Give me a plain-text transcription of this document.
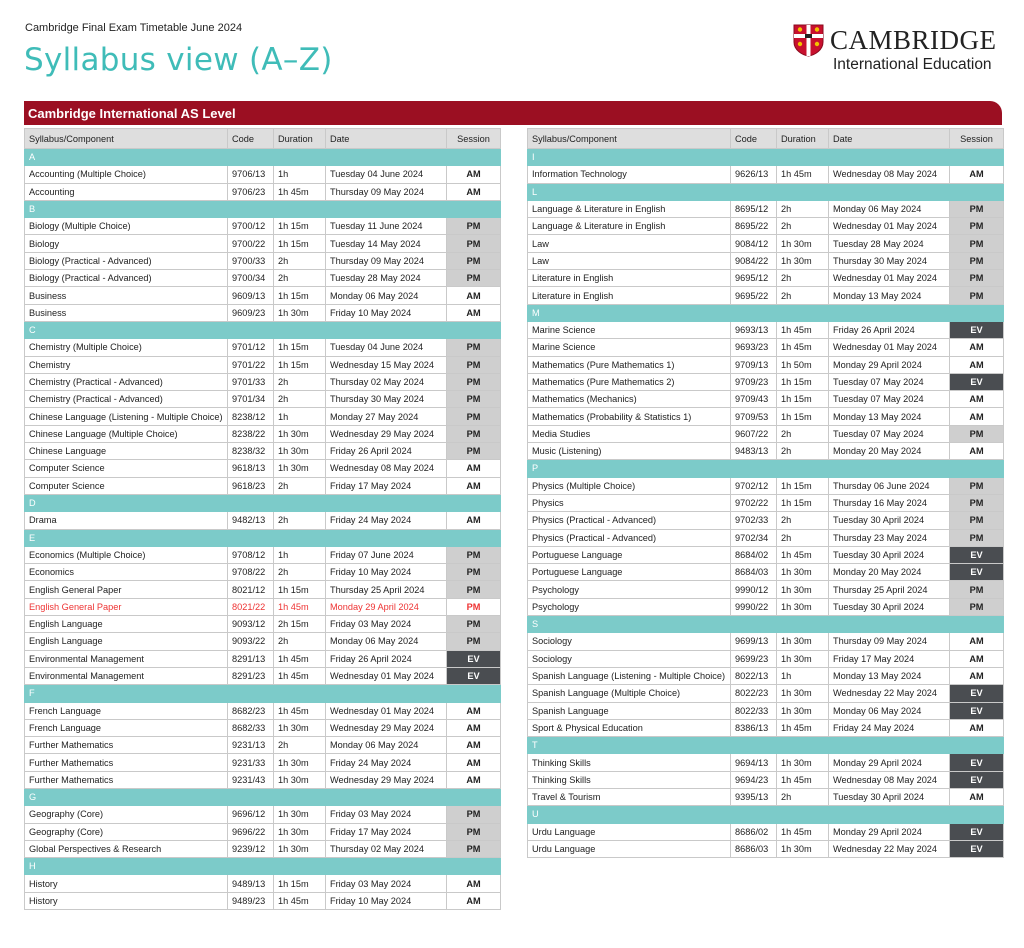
Cambridge Final Exam Timetable June 2024
Syllabus view (A–Z)
CAMBRIDGE
International Education
Cambridge International AS Level
Syllabus/Component	Code	Duration	Date	Session
A				
Accounting (Multiple Choice)	9706/13	1h	Tuesday 04 June 2024	AM
Accounting	9706/23	1h 45m	Thursday 09 May 2024	AM
B				
Biology (Multiple Choice)	9700/12	1h 15m	Tuesday 11 June 2024	PM
Biology	9700/22	1h 15m	Tuesday 14 May 2024	PM
Biology (Practical - Advanced)	9700/33	2h	Thursday 09 May 2024	PM
Biology (Practical - Advanced)	9700/34	2h	Tuesday 28 May 2024	PM
Business	9609/13	1h 15m	Monday 06 May 2024	AM
Business	9609/23	1h 30m	Friday 10 May 2024	AM
C				
Chemistry (Multiple Choice)	9701/12	1h 15m	Tuesday 04 June 2024	PM
Chemistry	9701/22	1h 15m	Wednesday 15 May 2024	PM
Chemistry (Practical - Advanced)	9701/33	2h	Thursday 02 May 2024	PM
Chemistry (Practical - Advanced)	9701/34	2h	Thursday 30 May 2024	PM
Chinese Language (Listening - Multiple Choice)	8238/12	1h	Monday 27 May 2024	PM
Chinese Language (Multiple Choice)	8238/22	1h 30m	Wednesday 29 May 2024	PM
Chinese Language	8238/32	1h 30m	Friday 26 April 2024	PM
Computer Science	9618/13	1h 30m	Wednesday 08 May 2024	AM
Computer Science	9618/23	2h	Friday 17 May 2024	AM
D				
Drama	9482/13	2h	Friday 24 May 2024	AM
E				
Economics (Multiple Choice)	9708/12	1h	Friday 07 June 2024	PM
Economics	9708/22	2h	Friday 10 May 2024	PM
English General Paper	8021/12	1h 15m	Thursday 25 April 2024	PM
English General Paper	8021/22	1h 45m	Monday 29 April 2024	PM
English Language	9093/12	2h 15m	Friday 03 May 2024	PM
English Language	9093/22	2h	Monday 06 May 2024	PM
Environmental Management	8291/13	1h 45m	Friday 26 April 2024	EV
Environmental Management	8291/23	1h 45m	Wednesday 01 May 2024	EV
F				
French Language	8682/23	1h 45m	Wednesday 01 May 2024	AM
French Language	8682/33	1h 30m	Wednesday 29 May 2024	AM
Further Mathematics	9231/13	2h	Monday 06 May 2024	AM
Further Mathematics	9231/33	1h 30m	Friday 24 May 2024	AM
Further Mathematics	9231/43	1h 30m	Wednesday 29 May 2024	AM
G				
Geography (Core)	9696/12	1h 30m	Friday 03 May 2024	PM
Geography (Core)	9696/22	1h 30m	Friday 17 May 2024	PM
Global Perspectives & Research	9239/12	1h 30m	Thursday 02 May 2024	PM
H				
History	9489/13	1h 15m	Friday 03 May 2024	AM
History	9489/23	1h 45m	Friday 10 May 2024	AM
Syllabus/Component	Code	Duration	Date	Session
I				
Information Technology	9626/13	1h 45m	Wednesday 08 May 2024	AM
L				
Language & Literature in English	8695/12	2h	Monday 06 May 2024	PM
Language & Literature in English	8695/22	2h	Wednesday 01 May 2024	PM
Law	9084/12	1h 30m	Tuesday 28 May 2024	PM
Law	9084/22	1h 30m	Thursday 30 May 2024	PM
Literature in English	9695/12	2h	Wednesday 01 May 2024	PM
Literature in English	9695/22	2h	Monday 13 May 2024	PM
M				
Marine Science	9693/13	1h 45m	Friday 26 April 2024	EV
Marine Science	9693/23	1h 45m	Wednesday 01 May 2024	AM
Mathematics (Pure Mathematics 1)	9709/13	1h 50m	Monday 29 April 2024	AM
Mathematics (Pure Mathematics 2)	9709/23	1h 15m	Tuesday 07 May 2024	EV
Mathematics (Mechanics)	9709/43	1h 15m	Tuesday 07 May 2024	AM
Mathematics (Probability & Statistics 1)	9709/53	1h 15m	Monday 13 May 2024	AM
Media Studies	9607/22	2h	Tuesday 07 May 2024	PM
Music (Listening)	9483/13	2h	Monday 20 May 2024	AM
P				
Physics (Multiple Choice)	9702/12	1h 15m	Thursday 06 June 2024	PM
Physics	9702/22	1h 15m	Thursday 16 May 2024	PM
Physics (Practical - Advanced)	9702/33	2h	Tuesday 30 April 2024	PM
Physics (Practical - Advanced)	9702/34	2h	Thursday 23 May 2024	PM
Portuguese Language	8684/02	1h 45m	Tuesday 30 April 2024	EV
Portuguese Language	8684/03	1h 30m	Monday 20 May 2024	EV
Psychology	9990/12	1h 30m	Thursday 25 April 2024	PM
Psychology	9990/22	1h 30m	Tuesday 30 April 2024	PM
S				
Sociology	9699/13	1h 30m	Thursday 09 May 2024	AM
Sociology	9699/23	1h 30m	Friday 17 May 2024	AM
Spanish Language (Listening - Multiple Choice)	8022/13	1h	Monday 13 May 2024	AM
Spanish Language (Multiple Choice)	8022/23	1h 30m	Wednesday 22 May 2024	EV
Spanish Language	8022/33	1h 30m	Monday 06 May 2024	EV
Sport & Physical Education	8386/13	1h 45m	Friday 24 May 2024	AM
T				
Thinking Skills	9694/13	1h 30m	Monday 29 April 2024	EV
Thinking Skills	9694/23	1h 45m	Wednesday 08 May 2024	EV
Travel & Tourism	9395/13	2h	Tuesday 30 April 2024	AM
U				
Urdu Language	8686/02	1h 45m	Monday 29 April 2024	EV
Urdu Language	8686/03	1h 30m	Wednesday 22 May 2024	EV
